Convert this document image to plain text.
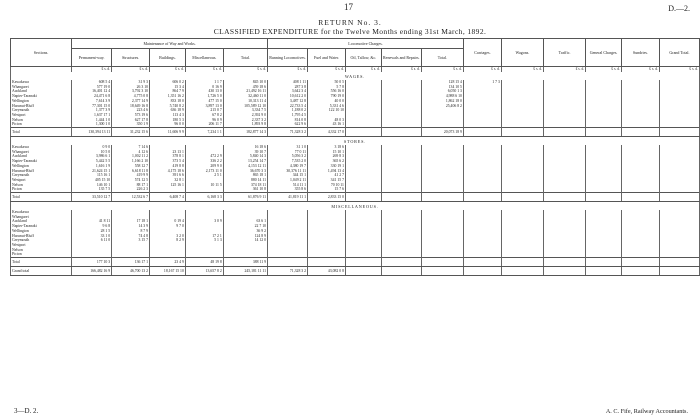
17	D.—2.
RETURN No. 3.
CLASSIFIED EXPENDITURE for the Twelve Months ending 31st March, 1892.
Sections.	Maintenance of Way and Works.					Locomotive Charges.					Carriages.	Wagons.	Traffic.	General Charges.	Sundries.	Grand Total.
	Permanent-way.	Structures.	Buildings.	Miscellaneous.	Total.	Running Locomotives.	Fuel and Water.	Oil, Tallow, &c.	Renewals and Repairs.	Total.						
	£ s. d.	£ s. d.	£ s. d.	£ s. d.	£ s. d.	£ s. d.	£ s. d.	£ s. d.	£ s. d.	£ s. d.	£ s. d.	£ s. d.	£ s. d.	£ s. d.	£ s. d.	£ s. d.
WAGES.																
Kawakawa	608 5 4	31 9 3	606 0 2	1 1 7	845 10 0	408 1 11	50 0 5			128 15 4	1 7 3					
Whangarei	577 19 0	26 3 10	15 3 4	0 16 9	459 18 6	287 3 8	5 7 8			134 10 5						
Auckland	16,401 12 4	3,792 3 10	864 7 9	430 13 0	21,492 16 11	3,642 3 4	556 16 0			6,050 1 3						
Napier-Taranaki	24,471 6 8	4,775 0 8	1,351 16 2	1,726 5 0	32,460 11 0	10,612 2 0	790 19 0			4,988 6 10						
Wellington	7,614 3 9	2,377 14 9	833 18 0	477 15 0	10,313 11 4	3,487 12 8	40 0 0			1,862 18 0						
Hurunui-Bluff	77,301 15 0	18,649 16 8	5,740 8 2	3,897 13 0	105,589 12 10	22,733 5 4	5,331 4 6			25,406 8 2						
Greymouth	1,377 3 9	223 4 6	636 18 9	215 0 7	3,334 7 5	1,188 0 2	122 10 10									
Westport	1,637 17 1	573 19 6	113 4 3	67 8 2	2,392 9 0	1,795 4 5										
Nelson	1,444 1 0	627 17 8	180 5 3	96 0 9	2,337 3 2	814 0 8	48 0 3									
Picton	1,300 1 0	350 1 9	96 0 0	206 11 7	1,893 9 8	622 9 6	43 16 1									
Total	130,394 13 11	31,232 15 6	11,606 9 9	7,234 1 1	182,877 14 3	71,328 3 2	4,332 17 0			20,073 18 9						
STORES.																
Kawakawa	0 9 0	7 14 6			16 18 6	31 1 0	3 18 6									
Whangarei	10 5 0	4 12 6	23 13 1		39 10 7	77 0 11	15 10 1									
Auckland	3,986 6 1	1,002 11 2	378 8 1	472 2 9	5,840 14 3	5,056 3 2	269 8 3									
Napier-Taranaki	5,442 5 5	1,166 2 10	373 5 4	336 2 2	13,254 14 7	7,535 2 0	365 6 2									
Wellington	1,616 1 9	558 12 7	419 8 8	209 9 0	4,153 12 11	4,380 19 7	330 19 1									
Hurunui-Bluff	21,624 15 1	6,618 11 8	4,175 18 6	2,173 11 0	36,670 3 3	30,376 11 11	1,494 13 4									
Greymouth	115 16 1	419 9 9	391 6 6	2 5 1	865 18 1	344 15 1	41 2 7									
Westport	405 15 10	574 12 5	32 8 1		880 14 11	1,049 2 11	341 15 7									
Nelson	146 10 1	88 17 1	125 16 1	10 11 5	374 18 11	514 11 1	70 10 11									
Picton	135 7 5	226 2 3			361 10 8	355 8 6	15 7 6									
Total	33,510 12 7	12,532 6 7	6,408 7 4	6,168 3 3	61,876 9 11	41,819 11 1	2,833 15 0									
MISCELLANEOUS.																
Kawakawa																
Whangarei																
Auckland	41 8 11	17 18 1	0 19 4	3 0 9	63 6 1											
Napier-Taranaki	9 6 8	14 3 9	9 7 0		22 7 10											
Wellington	28 1 5	8 7 9			36 9 2											
Hurunui-Bluff	33 1 0	74 4 8	3 2 0	17 2 1	124 8 9											
Greymouth	6 11 0	3 15 7	8 2 9	5 1 3	14 12 0											
Westport																
Nelson																
Picton																
Total	177 10 3	136 17 1	23 4 9	48 19 8	388 11 9											
Grand total	166,482 16 9	46,700 13 2	18,167 15 10	13,657 8 2	245,181 11 11	71,328 3 2	43,082 0 8									
3—D. 2.	A. C. Fife, Railway Accountants.
